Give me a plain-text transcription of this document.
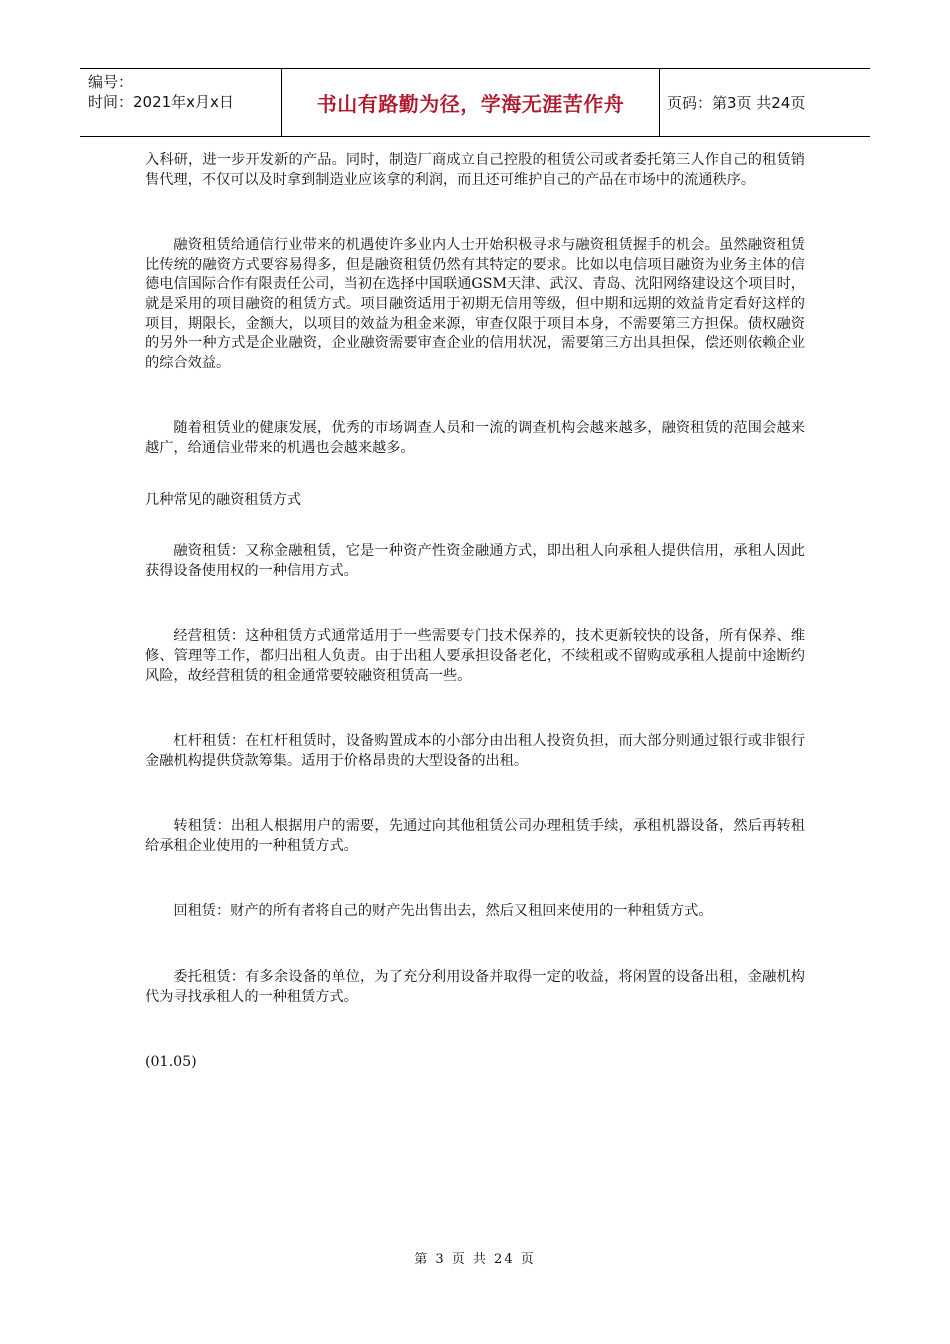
编号：
时间：2021年x月x日	书山有路勤为径，学海无涯苦作舟	页码：第3页 共24页

入科研，进一步开发新的产品。同时，制造厂商成立自己控股的租赁公司或者委托第三人作自己的租赁销售代理，不仅可以及时拿到制造业应该拿的利润，而且还可维护自己的产品在市场中的流通秩序。

融资租赁给通信行业带来的机遇使许多业内人士开始积极寻求与融资租赁握手的机会。虽然融资租赁比传统的融资方式要容易得多，但是融资租赁仍然有其特定的要求。比如以电信项目融资为业务主体的信德电信国际合作有限责任公司，当初在选择中国联通GSM天津、武汉、青岛、沈阳网络建设这个项目时，就是采用的项目融资的租赁方式。项目融资适用于初期无信用等级，但中期和远期的效益肯定看好这样的项目，期限长，金额大，以项目的效益为租金来源，审查仅限于项目本身，不需要第三方担保。债权融资的另外一种方式是企业融资，企业融资需要审查企业的信用状况，需要第三方出具担保，偿还则依赖企业的综合效益。

随着租赁业的健康发展，优秀的市场调查人员和一流的调查机构会越来越多，融资租赁的范围会越来越广，给通信业带来的机遇也会越来越多。

几种常见的融资租赁方式

融资租赁：又称金融租赁，它是一种资产性资金融通方式，即出租人向承租人提供信用，承租人因此获得设备使用权的一种信用方式。

经营租赁：这种租赁方式通常适用于一些需要专门技术保养的，技术更新较快的设备，所有保养、维修、管理等工作，都归出租人负责。由于出租人要承担设备老化，不续租或不留购或承租人提前中途断约风险，故经营租赁的租金通常要较融资租赁高一些。

杠杆租赁：在杠杆租赁时，设备购置成本的小部分由出租人投资负担，而大部分则通过银行或非银行金融机构提供贷款筹集。适用于价格昂贵的大型设备的出租。

转租赁：出租人根据用户的需要，先通过向其他租赁公司办理租赁手续，承租机器设备，然后再转租给承租企业使用的一种租赁方式。

回租赁：财产的所有者将自己的财产先出售出去，然后又租回来使用的一种租赁方式。

委托租赁：有多余设备的单位，为了充分利用设备并取得一定的收益，将闲置的设备出租，金融机构代为寻找承租人的一种租赁方式。

(01.05)

第 3 页 共 24 页
